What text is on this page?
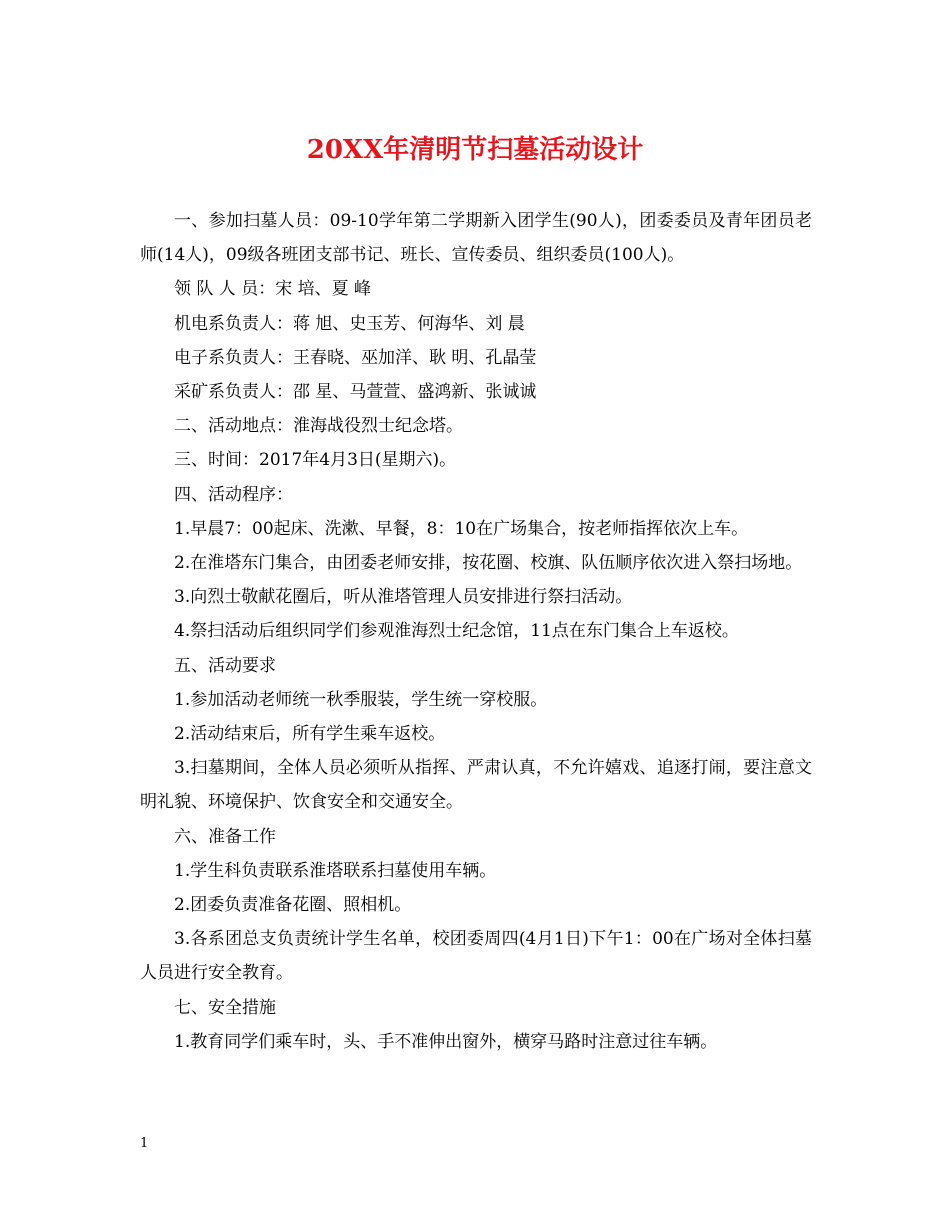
20XX年清明节扫墓活动设计

一、参加扫墓人员：09-10学年第二学期新入团学生(90人)，团委委员及青年团员老师(14人)，09级各班团支部书记、班长、宣传委员、组织委员(100人)。

领 队 人 员：宋 培、夏 峰

机电系负责人：蒋 旭、史玉芳、何海华、刘 晨

电子系负责人：王春晓、巫加洋、耿 明、孔晶莹

采矿系负责人：邵 星、马萱萱、盛鸿新、张诚诚

二、活动地点：淮海战役烈士纪念塔。

三、时间：2017年4月3日(星期六)。

四、活动程序：

1.早晨7：00起床、洗漱、早餐，8：10在广场集合，按老师指挥依次上车。

2.在淮塔东门集合，由团委老师安排，按花圈、校旗、队伍顺序依次进入祭扫场地。

3.向烈士敬献花圈后，听从淮塔管理人员安排进行祭扫活动。

4.祭扫活动后组织同学们参观淮海烈士纪念馆，11点在东门集合上车返校。

五、活动要求

1.参加活动老师统一秋季服装，学生统一穿校服。

2.活动结束后，所有学生乘车返校。

3.扫墓期间，全体人员必须听从指挥、严肃认真，不允许嬉戏、追逐打闹，要注意文明礼貌、环境保护、饮食安全和交通安全。

六、准备工作

1.学生科负责联系淮塔联系扫墓使用车辆。

2.团委负责准备花圈、照相机。

3.各系团总支负责统计学生名单，校团委周四(4月1日)下午1：00在广场对全体扫墓人员进行安全教育。

七、安全措施

1.教育同学们乘车时，头、手不准伸出窗外，横穿马路时注意过往车辆。

1
